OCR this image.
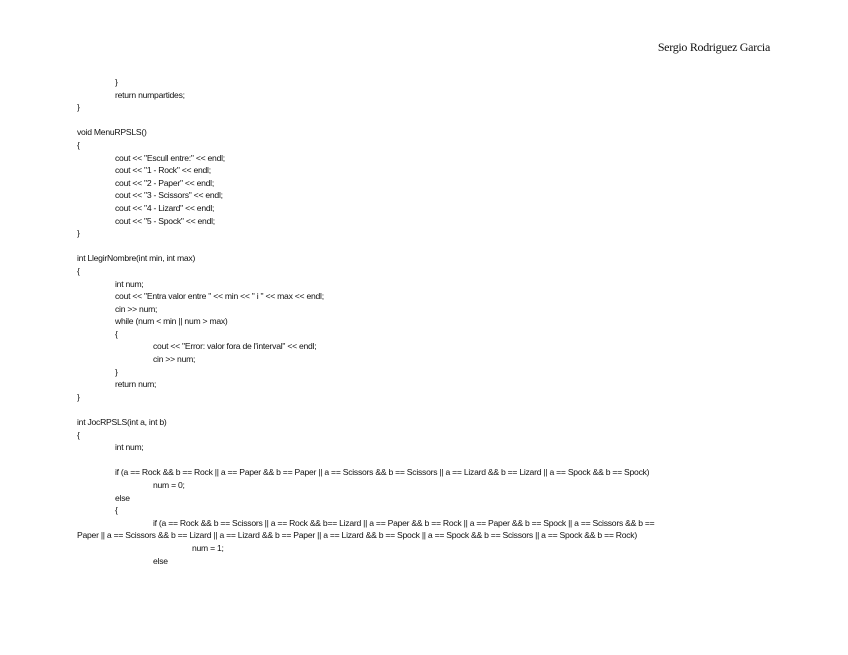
Sergio Rodriguez Garcia
}
return numpartides;
}
void MenuRPSLS()
{
cout << "Escull entre:" << endl;
cout << "1 - Rock" << endl;
cout << "2 - Paper" << endl;
cout << "3 - Scissors" << endl;
cout << "4 - Lizard" << endl;
cout << "5 - Spock" << endl;
}
int LlegirNombre(int min, int max)
{
int num;
cout << "Entra valor entre " << min << " i " << max << endl;
cin >> num;
while (num < min || num > max)
{
cout << "Error: valor fora de l'interval" << endl;
cin >> num;
}
return num;
}
int JocRPSLS(int a, int b)
{
int num;
if (a == Rock && b == Rock || a == Paper && b == Paper || a == Scissors && b == Scissors || a == Lizard && b == Lizard || a == Spock && b == Spock)
num = 0;
else
{
if (a == Rock && b == Scissors || a == Rock && b== Lizard || a == Paper && b == Rock || a == Paper && b == Spock || a == Scissors && b ==
Paper || a == Scissors && b == Lizard || a == Lizard && b == Paper || a == Lizard && b == Spock || a == Spock && b == Scissors || a == Spock && b == Rock)
num = 1;
else
